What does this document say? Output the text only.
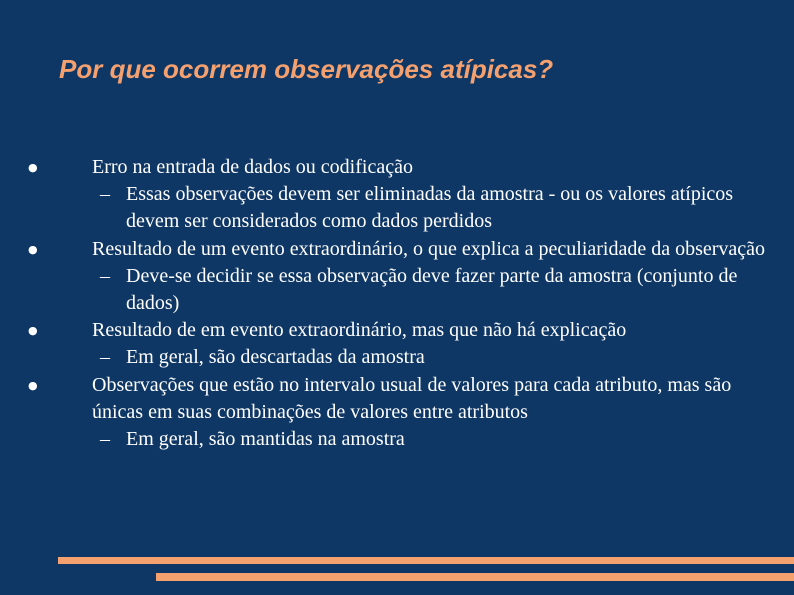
Por que ocorrem observações atípicas?
●	Erro na entrada de dados ou codificação
– Essas observações devem ser eliminadas da amostra - ou os valores atípicos devem ser considerados como dados perdidos
●	Resultado de um evento extraordinário, o que explica a peculiaridade da observação
– Deve-se decidir se essa observação deve fazer parte da amostra (conjunto de dados)
●	Resultado de em evento extraordinário, mas que não há explicação
– Em geral, são descartadas da amostra
●	Observações que estão no intervalo usual de valores para cada atributo, mas são únicas em suas combinações de valores entre atributos
– Em geral, são mantidas na amostra
